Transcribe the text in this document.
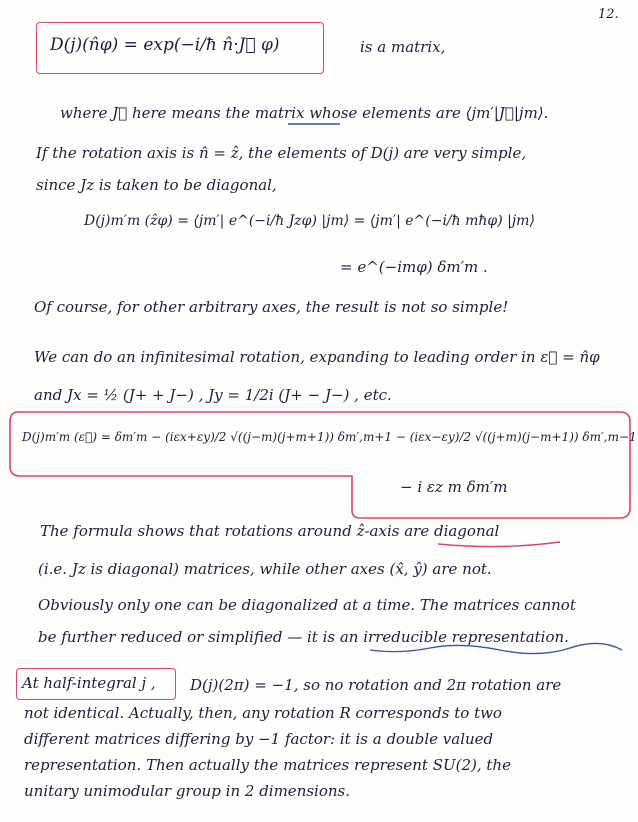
12.
D(j)(n̂φ) = exp(−i/ħ n̂·J⃗ φ)	is a matrix,
where J⃗ here means the matrix whose elements are ⟨jm′|J⃗|jm⟩.
If the rotation axis is n̂ = ẑ, the elements of D(j) are very simple,
since Jz is taken to be diagonal,
D(j)m′m (ẑφ) = ⟨jm′| e^(−i/ħ Jzφ) |jm⟩ = ⟨jm′| e^(−i/ħ mħφ) |jm⟩
= e^(−imφ) δm′m .
Of course, for other arbitrary axes, the result is not so simple!
We can do an infinitesimal rotation, expanding to leading order in ε⃗ = n̂φ
and Jx = ½ (J+ + J−) , Jy = 1/2i (J+ − J−) , etc.
D(j)m′m (ε⃗) = δm′m − (iεx+εy)/2 √((j−m)(j+m+1)) δm′,m+1 − (iεx−εy)/2 √((j+m)(j−m+1)) δm′,m−1
− i εz m δm′m
The formula shows that rotations around ẑ-axis are diagonal
(i.e. Jz is diagonal) matrices, while other axes (x̂, ŷ) are not.
Obviously only one can be diagonalized at a time. The matrices cannot
be further reduced or simplified — it is an irreducible representation.
At half-integral j , D(j)(2π) = −1, so no rotation and 2π rotation are
not identical. Actually, then, any rotation R corresponds to two
different matrices differing by −1 factor: it is a double valued
representation. Then actually the matrices represent SU(2), the
unitary unimodular group in 2 dimensions.
